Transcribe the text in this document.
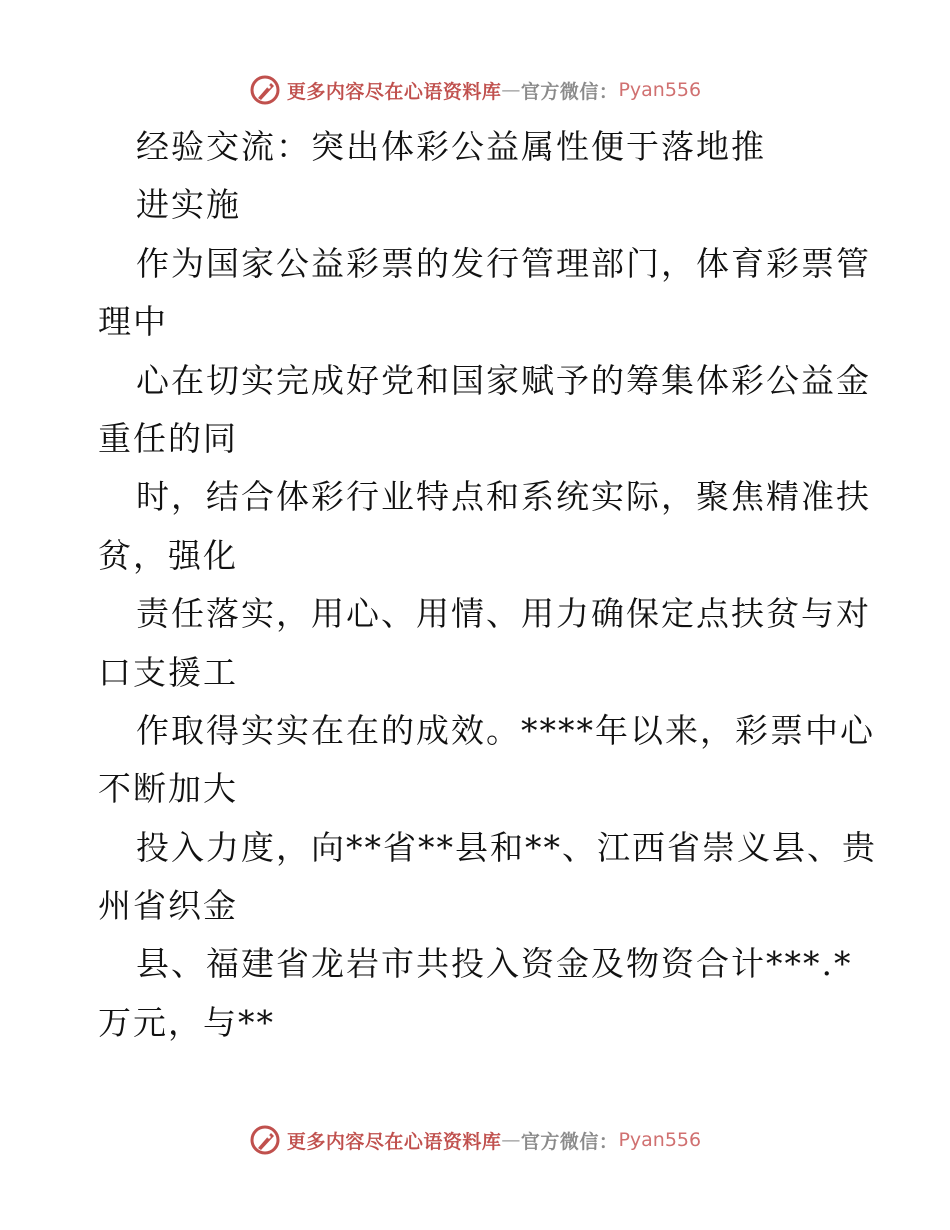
更多内容尽在心语资料库 — 官方微信： Pyan556
经验交流：突出体彩公益属性便于落地推
进实施
作为国家公益彩票的发行管理部门，体育彩票管
理中
心在切实完成好党和国家赋予的筹集体彩公益金
重任的同
时，结合体彩行业特点和系统实际，聚焦精准扶
贫，强化
责任落实，用心、用情、用力确保定点扶贫与对
口支援工
作取得实实在在的成效。****年以来，彩票中心
不断加大
投入力度，向**省**县和**、江西省崇义县、贵
州省织金
县、福建省龙岩市共投入资金及物资合计***.*
万元，与**
更多内容尽在心语资料库 — 官方微信： Pyan556
